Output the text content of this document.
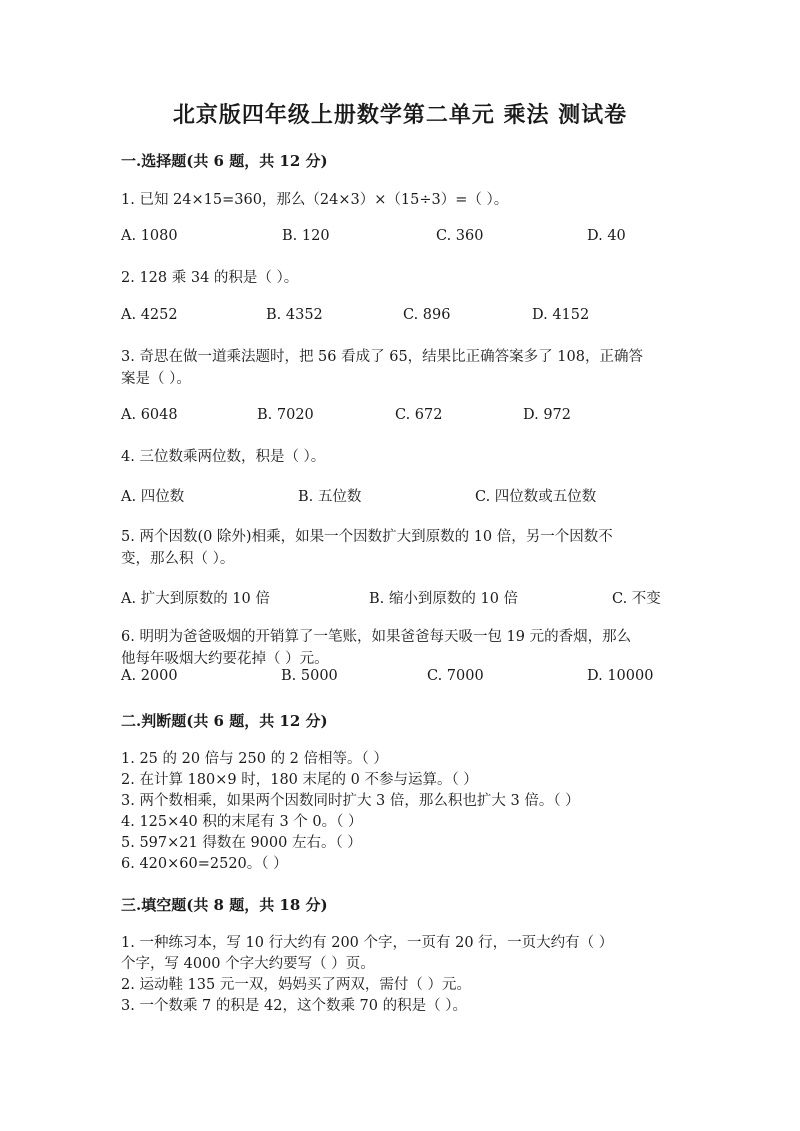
北京版四年级上册数学第二单元 乘法 测试卷
一.选择题(共 6 题，共 12 分)
1. 已知 24×15=360，那么（24×3）×（15÷3）=（ ）。
A. 1080	B. 120	C. 360	D. 40
2. 128 乘 34 的积是（ ）。
A. 4252	B. 4352	C. 896	D. 4152
3. 奇思在做一道乘法题时，把 56 看成了 65，结果比正确答案多了 108，正确答
案是（ ）。
A. 6048	B. 7020	C. 672	D. 972
4. 三位数乘两位数，积是（ ）。
A. 四位数	B. 五位数	C. 四位数或五位数
5. 两个因数(0 除外)相乘，如果一个因数扩大到原数的 10 倍，另一个因数不
变，那么积（ ）。
A. 扩大到原数的 10 倍	B. 缩小到原数的 10 倍	C. 不变
6. 明明为爸爸吸烟的开销算了一笔账，如果爸爸每天吸一包 19 元的香烟，那么
他每年吸烟大约要花掉（ ）元。
A. 2000	B. 5000	C. 7000	D. 10000
二.判断题(共 6 题，共 12 分)
1. 25 的 20 倍与 250 的 2 倍相等。（ ）
2. 在计算 180×9 时，180 末尾的 0 不参与运算。（ ）
3. 两个数相乘，如果两个因数同时扩大 3 倍，那么积也扩大 3 倍。（ ）
4. 125×40 积的末尾有 3 个 0。（ ）
5. 597×21 得数在 9000 左右。（ ）
6. 420×60=2520。（ ）
三.填空题(共 8 题，共 18 分)
1. 一种练习本，写 10 行大约有 200 个字，一页有 20 行，一页大约有（ ）
个字，写 4000 个字大约要写（ ）页。
2. 运动鞋 135 元一双，妈妈买了两双，需付（ ）元。
3. 一个数乘 7 的积是 42，这个数乘 70 的积是（ ）。
